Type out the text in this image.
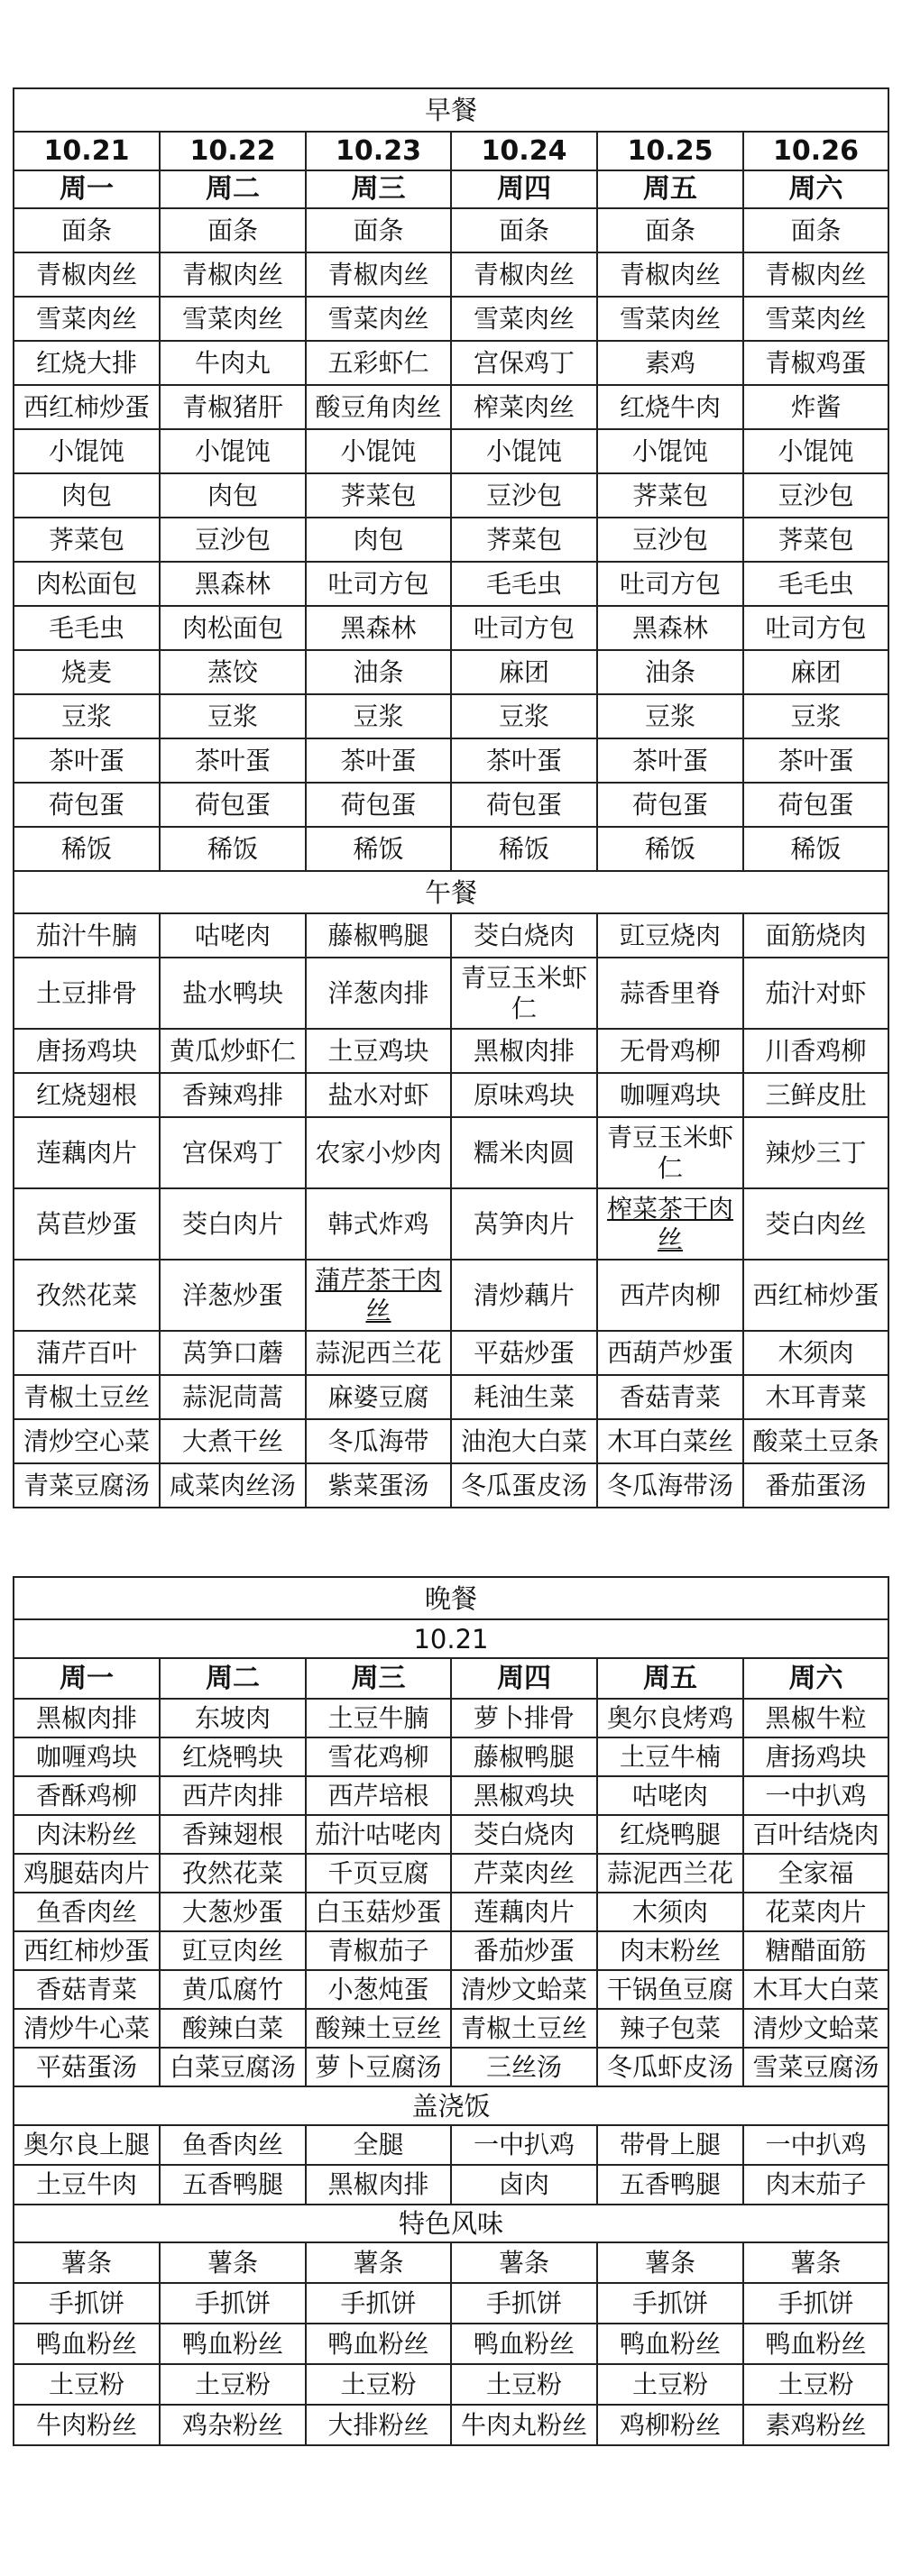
早餐					
10.21	10.22	10.23	10.24	10.25	10.26
周一	周二	周三	周四	周五	周六
面条	面条	面条	面条	面条	面条
青椒肉丝	青椒肉丝	青椒肉丝	青椒肉丝	青椒肉丝	青椒肉丝
雪菜肉丝	雪菜肉丝	雪菜肉丝	雪菜肉丝	雪菜肉丝	雪菜肉丝
红烧大排	牛肉丸	五彩虾仁	宫保鸡丁	素鸡	青椒鸡蛋
西红柿炒蛋	青椒猪肝	酸豆角肉丝	榨菜肉丝	红烧牛肉	炸酱
小馄饨	小馄饨	小馄饨	小馄饨	小馄饨	小馄饨
肉包	肉包	荠菜包	豆沙包	荠菜包	豆沙包
荠菜包	豆沙包	肉包	荠菜包	豆沙包	荠菜包
肉松面包	黑森林	吐司方包	毛毛虫	吐司方包	毛毛虫
毛毛虫	肉松面包	黑森林	吐司方包	黑森林	吐司方包
烧麦	蒸饺	油条	麻团	油条	麻团
豆浆	豆浆	豆浆	豆浆	豆浆	豆浆
茶叶蛋	茶叶蛋	茶叶蛋	茶叶蛋	茶叶蛋	茶叶蛋
荷包蛋	荷包蛋	荷包蛋	荷包蛋	荷包蛋	荷包蛋
稀饭	稀饭	稀饭	稀饭	稀饭	稀饭
午餐					
茄汁牛腩	咕咾肉	藤椒鸭腿	茭白烧肉	豇豆烧肉	面筋烧肉
土豆排骨	盐水鸭块	洋葱肉排	青豆玉米虾仁	蒜香里脊	茄汁对虾
唐扬鸡块	黄瓜炒虾仁	土豆鸡块	黑椒肉排	无骨鸡柳	川香鸡柳
红烧翅根	香辣鸡排	盐水对虾	原味鸡块	咖喱鸡块	三鲜皮肚
莲藕肉片	宫保鸡丁	农家小炒肉	糯米肉圆	青豆玉米虾仁	辣炒三丁
莴苣炒蛋	茭白肉片	韩式炸鸡	莴笋肉片	榨菜茶干肉丝	茭白肉丝
孜然花菜	洋葱炒蛋	蒲芹茶干肉丝	清炒藕片	西芹肉柳	西红柿炒蛋
蒲芹百叶	莴笋口蘑	蒜泥西兰花	平菇炒蛋	西葫芦炒蛋	木须肉
青椒土豆丝	蒜泥茼蒿	麻婆豆腐	耗油生菜	香菇青菜	木耳青菜
清炒空心菜	大煮干丝	冬瓜海带	油泡大白菜	木耳白菜丝	酸菜土豆条
青菜豆腐汤	咸菜肉丝汤	紫菜蛋汤	冬瓜蛋皮汤	冬瓜海带汤	番茄蛋汤
晚餐					
10.21					
周一	周二	周三	周四	周五	周六
黑椒肉排	东坡肉	土豆牛腩	萝卜排骨	奥尔良烤鸡	黑椒牛粒
咖喱鸡块	红烧鸭块	雪花鸡柳	藤椒鸭腿	土豆牛楠	唐扬鸡块
香酥鸡柳	西芹肉排	西芹培根	黑椒鸡块	咕咾肉	一中扒鸡
肉沫粉丝	香辣翅根	茄汁咕咾肉	茭白烧肉	红烧鸭腿	百叶结烧肉
鸡腿菇肉片	孜然花菜	千页豆腐	芹菜肉丝	蒜泥西兰花	全家福
鱼香肉丝	大葱炒蛋	白玉菇炒蛋	莲藕肉片	木须肉	花菜肉片
西红柿炒蛋	豇豆肉丝	青椒茄子	番茄炒蛋	肉末粉丝	糖醋面筋
香菇青菜	黄瓜腐竹	小葱炖蛋	清炒文蛤菜	干锅鱼豆腐	木耳大白菜
清炒牛心菜	酸辣白菜	酸辣土豆丝	青椒土豆丝	辣子包菜	清炒文蛤菜
平菇蛋汤	白菜豆腐汤	萝卜豆腐汤	三丝汤	冬瓜虾皮汤	雪菜豆腐汤
盖浇饭					
奥尔良上腿	鱼香肉丝	全腿	一中扒鸡	带骨上腿	一中扒鸡
土豆牛肉	五香鸭腿	黑椒肉排	卤肉	五香鸭腿	肉末茄子
特色风味					
薯条	薯条	薯条	薯条	薯条	薯条
手抓饼	手抓饼	手抓饼	手抓饼	手抓饼	手抓饼
鸭血粉丝	鸭血粉丝	鸭血粉丝	鸭血粉丝	鸭血粉丝	鸭血粉丝
土豆粉	土豆粉	土豆粉	土豆粉	土豆粉	土豆粉
牛肉粉丝	鸡杂粉丝	大排粉丝	牛肉丸粉丝	鸡柳粉丝	素鸡粉丝
